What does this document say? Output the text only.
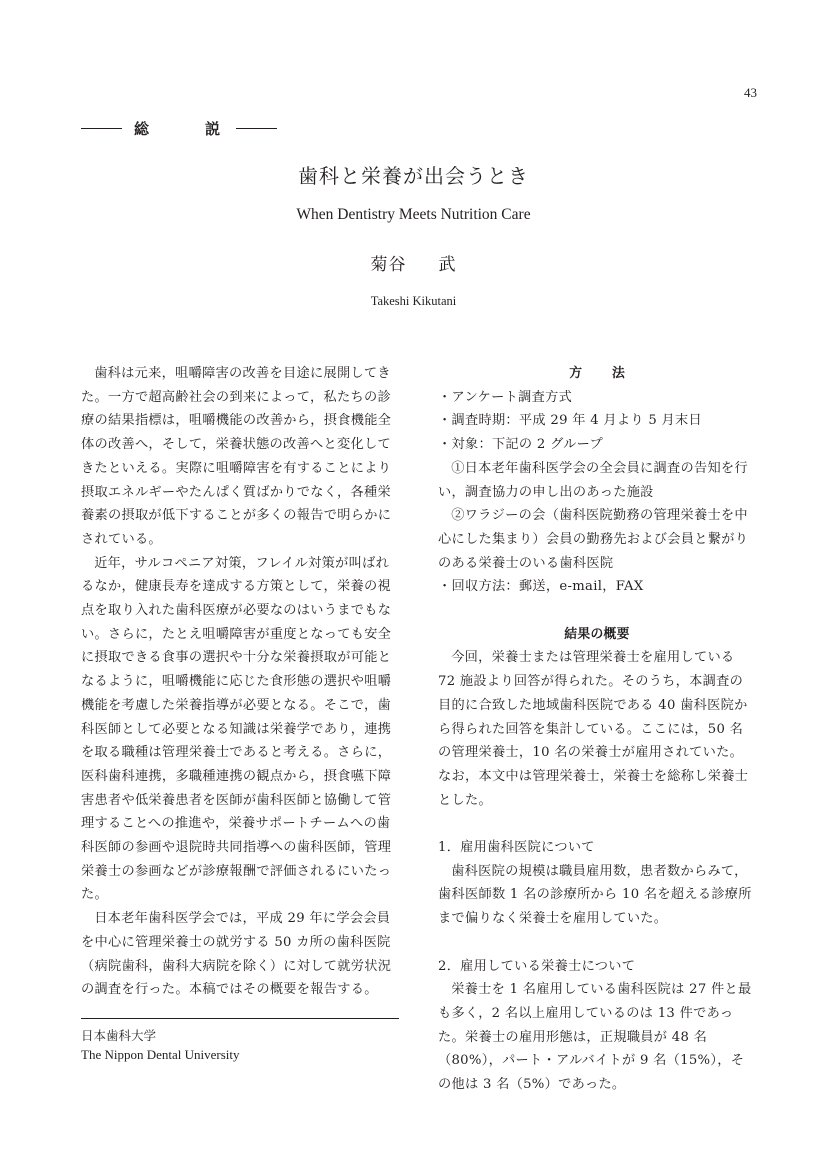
43
総説
歯科と栄養が出会うとき
When Dentistry Meets Nutrition Care
菊谷 武
Takeshi Kikutani

歯科は元来，咀嚼障害の改善を目途に展開してきた。一方で超高齢社会の到来によって，私たちの診療の結果指標は，咀嚼機能の改善から，摂食機能全体の改善へ，そして，栄養状態の改善へと変化してきたといえる。実際に咀嚼障害を有することにより摂取エネルギーやたんぱく質ばかりでなく，各種栄養素の摂取が低下することが多くの報告で明らかにされている。

近年，サルコペニア対策，フレイル対策が叫ばれるなか，健康長寿を達成する方策として，栄養の視点を取り入れた歯科医療が必要なのはいうまでもない。さらに，たとえ咀嚼障害が重度となっても安全に摂取できる食事の選択や十分な栄養摂取が可能となるように，咀嚼機能に応じた食形態の選択や咀嚼機能を考慮した栄養指導が必要となる。そこで，歯科医師として必要となる知識は栄養学であり，連携を取る職種は管理栄養士であると考える。さらに，医科歯科連携，多職種連携の観点から，摂食嚥下障害患者や低栄養患者を医師が歯科医師と協働して管理することへの推進や，栄養サポートチームへの歯科医師の参画や退院時共同指導への歯科医師，管理栄養士の参画などが診療報酬で評価されるにいたった。

日本老年歯科医学会では，平成 29 年に学会会員を中心に管理栄養士の就労する 50 カ所の歯科医院（病院歯科，歯科大病院を除く）に対して就労状況の調査を行った。本稿ではその概要を報告する。

方法

・アンケート調査方式

・調査時期：平成 29 年 4 月より 5 月末日

・対象：下記の 2 グループ

①日本老年歯科医学会の全会員に調査の告知を行い，調査協力の申し出のあった施設

②ワラジーの会（歯科医院勤務の管理栄養士を中心にした集まり）会員の勤務先および会員と繋がりのある栄養士のいる歯科医院

・回収方法：郵送，e-mail，FAX

結果の概要

今回，栄養士または管理栄養士を雇用している 72 施設より回答が得られた。そのうち，本調査の目的に合致した地域歯科医院である 40 歯科医院から得られた回答を集計している。ここには，50 名の管理栄養士，10 名の栄養士が雇用されていた。なお，本文中は管理栄養士，栄養士を総称し栄養士とした。

1．雇用歯科医院について

歯科医院の規模は職員雇用数，患者数からみて，歯科医師数 1 名の診療所から 10 名を超える診療所まで偏りなく栄養士を雇用していた。

2．雇用している栄養士について

栄養士を 1 名雇用している歯科医院は 27 件と最も多く，2 名以上雇用しているのは 13 件であった。栄養士の雇用形態は，正規職員が 48 名（80%），パート・アルバイトが 9 名（15%），その他は 3 名（5%）であった。

日本歯科大学
The Nippon Dental University
